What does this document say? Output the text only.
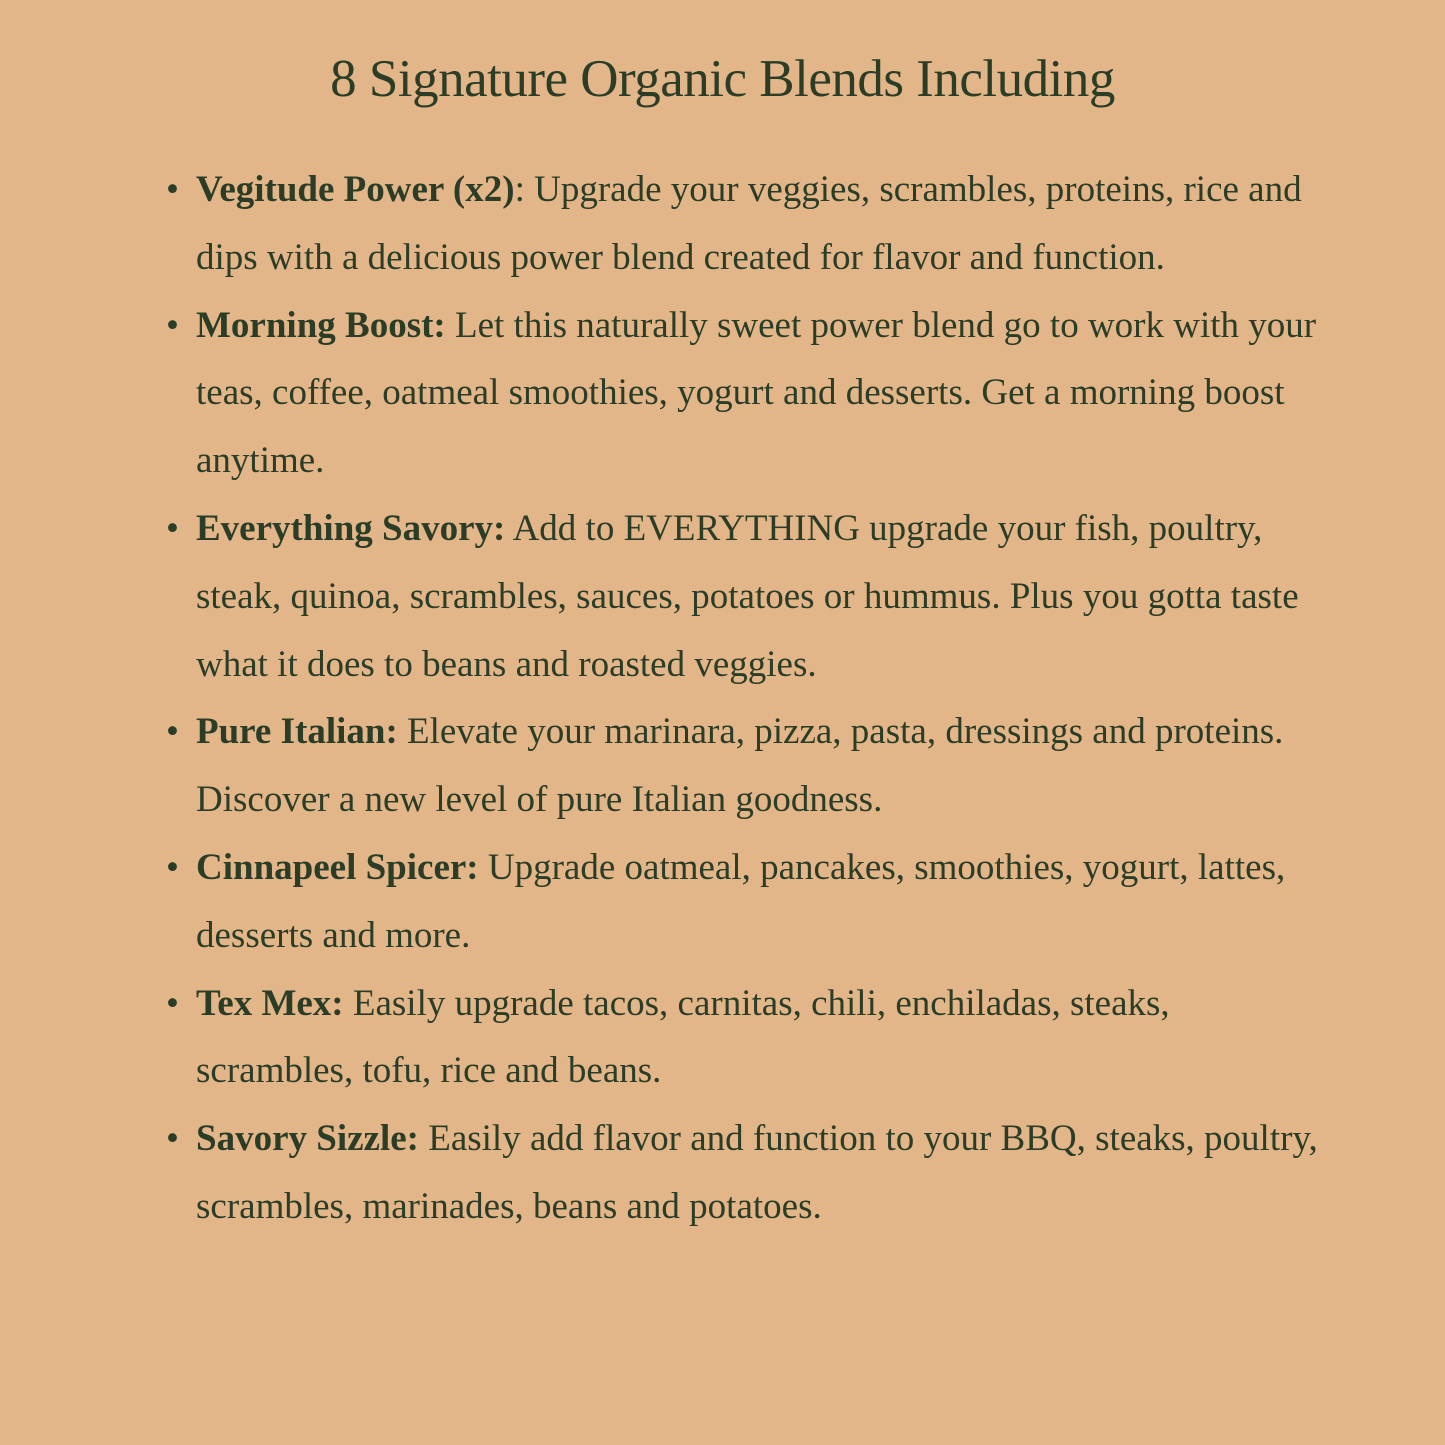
8 Signature Organic Blends Including
• Vegitude Power (x2): Upgrade your veggies, scrambles, proteins, rice and dips with a delicious power blend created for flavor and function.
• Morning Boost: Let this naturally sweet power blend go to work with your teas, coffee, oatmeal smoothies, yogurt and desserts. Get a morning boost anytime.
• Everything Savory: Add to EVERYTHING upgrade your fish, poultry, steak, quinoa, scrambles, sauces, potatoes or hummus. Plus you gotta taste what it does to beans and roasted veggies.
• Pure Italian: Elevate your marinara, pizza, pasta, dressings and proteins. Discover a new level of pure Italian goodness.
• Cinnapeel Spicer: Upgrade oatmeal, pancakes, smoothies, yogurt, lattes, desserts and more.
• Tex Mex: Easily upgrade tacos, carnitas, chili, enchiladas, steaks, scrambles, tofu, rice and beans.
• Savory Sizzle: Easily add flavor and function to your BBQ, steaks, poultry, scrambles, marinades, beans and potatoes.
